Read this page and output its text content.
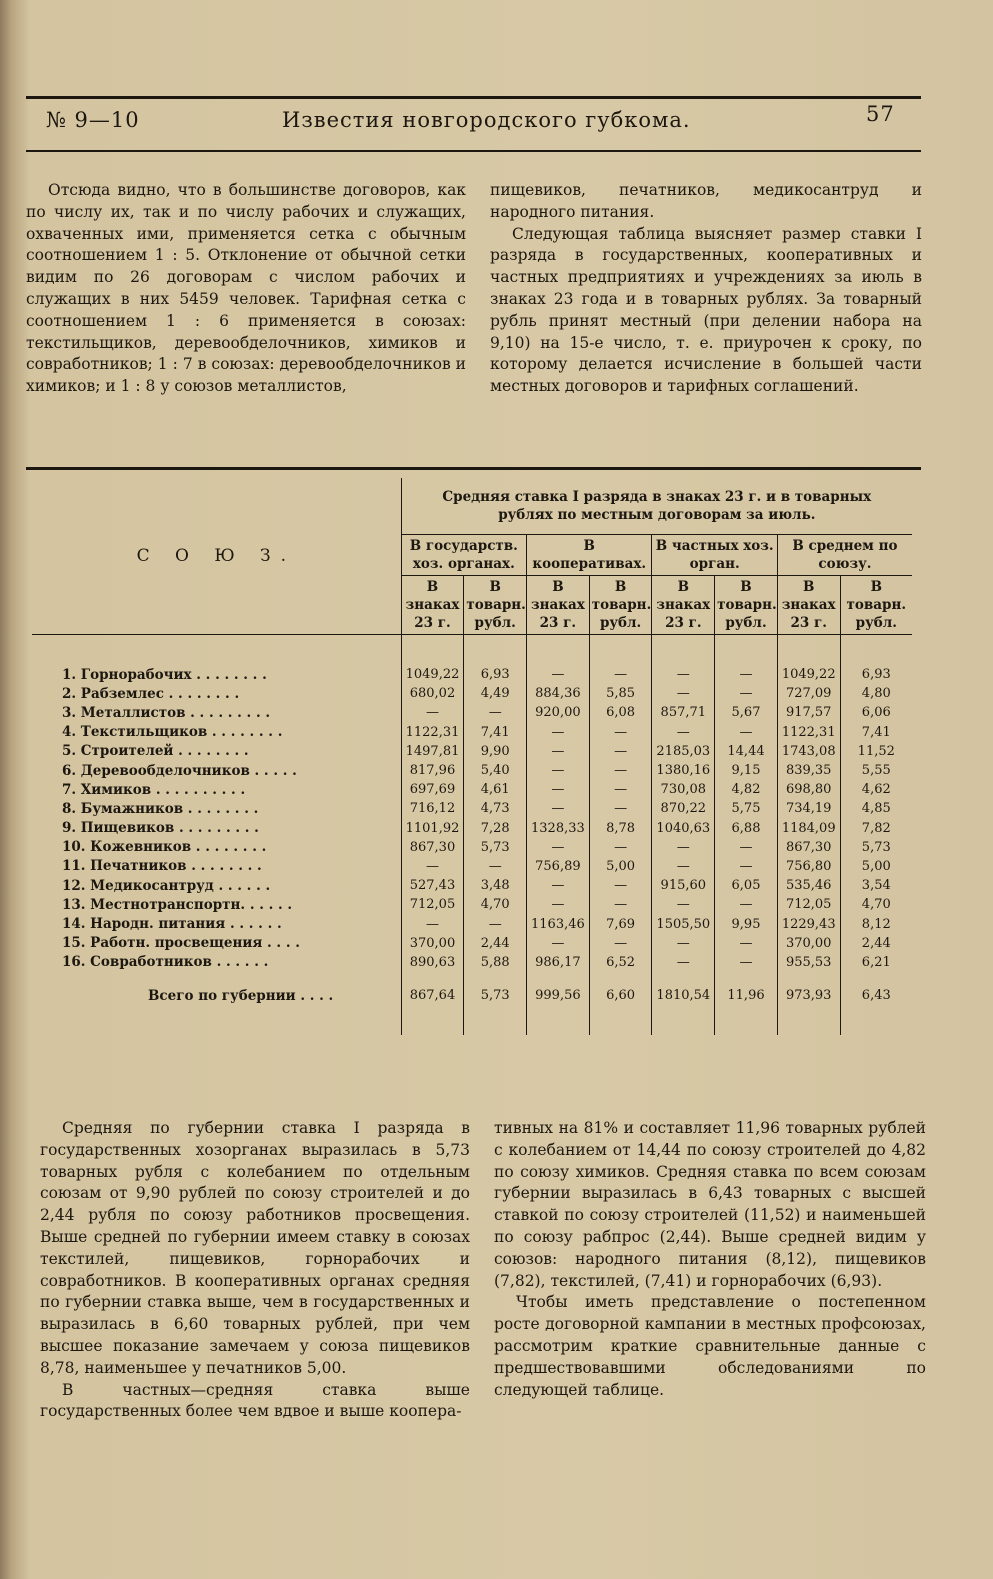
№ 9—10	Известия новгородского губкома.	57

Отсюда видно, что в большинстве договоров, как по числу их, так и по числу рабочих и служащих, охваченных ими, применяется сетка с обычным соотношением 1 : 5. Отклонение от обычной сетки видим по 26 договорам с числом рабочих и служащих в них 5459 человек. Тарифная сетка с соотношением 1 : 6 применяется в союзах: текстильщиков, деревообделочников, химиков и совработников; 1 : 7 в союзах: деревообделочников и химиков; и 1 : 8 у союзов металлистов,

пищевиков, печатников, медикосантруд и народного питания.

Следующая таблица выясняет размер ставки I разряда в государственных, кооперативных и частных предприятиях и учреждениях за июль в знаках 23 года и в товарных рублях. За товарный рубль принят местный (при делении набора на 9,10) на 15-е число, т. е. приурочен к сроку, по которому делается исчисление в большей части местных договоров и тарифных соглашений.

С О Ю З.	Средняя ставка I разряда в знаках 23 г. и в товарных рублях по местным договорам за июль.							
	В государств. хоз. органах.		В кооперативах.		В частных хоз. орган.		В среднем по союзу.	
	В знаках 23 г.	В товарн. рубл.	В знаках 23 г.	В товарн. рубл.	В знаках 23 г.	В товарн. рубл.	В знаках 23 г.	В товарн. рубл.

1. Горнорабочих . . . . . . . .	1049,22	6,93	—	—	—	—	1049,22	6,93
2. Рабземлес . . . . . . . .	680,02	4,49	884,36	5,85	—	—	727,09	4,80
3. Металлистов . . . . . . . . .	—	—	920,00	6,08	857,71	5,67	917,57	6,06
4. Текстильщиков . . . . . . . .	1122,31	7,41	—	—	—	—	1122,31	7,41
5. Строителей . . . . . . . .	1497,81	9,90	—	—	2185,03	14,44	1743,08	11,52
6. Деревообделочников . . . . .	817,96	5,40	—	—	1380,16	9,15	839,35	5,55
7. Химиков . . . . . . . . . .	697,69	4,61	—	—	730,08	4,82	698,80	4,62
8. Бумажников . . . . . . . .	716,12	4,73	—	—	870,22	5,75	734,19	4,85
9. Пищевиков . . . . . . . . .	1101,92	7,28	1328,33	8,78	1040,63	6,88	1184,09	7,82
10. Кожевников . . . . . . . .	867,30	5,73	—	—	—	—	867,30	5,73
11. Печатников . . . . . . . .	—	—	756,89	5,00	—	—	756,80	5,00
12. Медикосантруд . . . . . .	527,43	3,48	—	—	915,60	6,05	535,46	3,54
13. Местнотранспортн. . . . . .	712,05	4,70	—	—	—	—	712,05	4,70
14. Народн. питания . . . . . .	—	—	1163,46	7,69	1505,50	9,95	1229,43	8,12
15. Работн. просвещения . . . .	370,00	2,44	—	—	—	—	370,00	2,44
16. Совработников . . . . . .	890,63	5,88	986,17	6,52	—	—	955,53	6,21
Всего по губернии . . . .	867,64	5,73	999,56	6,60	1810,54	11,96	973,93	6,43

Средняя по губернии ставка I разряда в государственных хозорганах выразилась в 5,73 товарных рубля с колебанием по отдельным союзам от 9,90 рублей по союзу строителей и до 2,44 рубля по союзу работников просвещения. Выше средней по губернии имеем ставку в союзах текстилей, пищевиков, горнорабочих и совработников. В кооперативных органах средняя по губернии ставка выше, чем в государственных и выразилась в 6,60 товарных рублей, при чем высшее показание замечаем у союза пищевиков 8,78, наименьшее у печатников 5,00.

В частных—средняя ставка выше государственных более чем вдвое и выше коопера-

тивных на 81% и составляет 11,96 товарных рублей с колебанием от 14,44 по союзу строителей до 4,82 по союзу химиков. Средняя ставка по всем союзам губернии выразилась в 6,43 товарных с высшей ставкой по союзу строителей (11,52) и наименьшей по союзу рабпрос (2,44). Выше средней видим у союзов: народного питания (8,12), пищевиков (7,82), текстилей, (7,41) и горнорабочих (6,93).

Чтобы иметь представление о постепенном росте договорной кампании в местных профсоюзах, рассмотрим краткие сравнительные данные с предшествовавшими обследованиями по следующей таблице.
